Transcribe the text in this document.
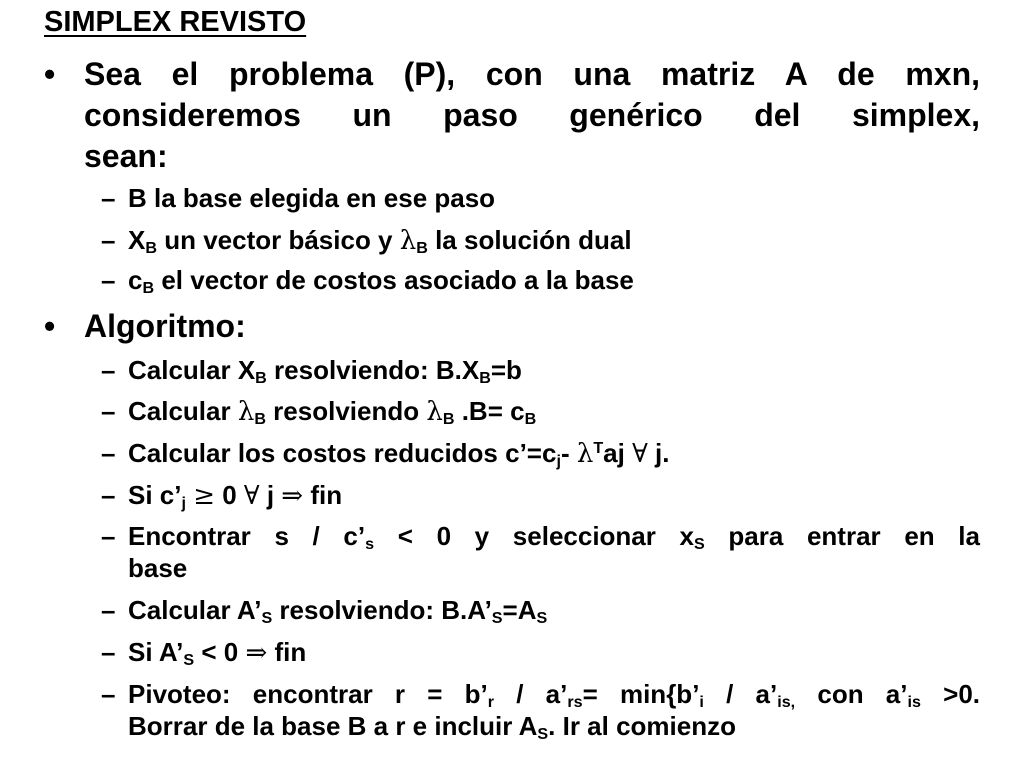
SIMPLEX REVISTO
• Sea el problema (P), con una matriz A de mxn,
consideremos un paso genérico del simplex,
sean:
– B la base elegida en ese paso
– $X_B$ un vector básico y $\lambda_B$ la solución dual
– $c_B$ el vector de costos asociado a la base
• Algoritmo:
– Calcular $X_B$ resolviendo: $B.X_B=b$
– Calcular $\lambda_B$ resolviendo $\lambda_B$ $.B= c_B$
– Calcular los costos reducidos $c’=c_j-$ $\lambda^Taj$ ∀ j.
– Si $c’_j \ge 0$ ∀ j ⇒ fin
– Encontrar $s / c’_s < 0$ y seleccionar $x_S$ para entrar en la
base
– Calcular $A’_S$ resolviendo: $B.A’_S=A_S$
– Si $A’_S < 0$ ⇒ fin
– Pivoteo: encontrar $r = b’_r$ / $a’_{rs}=$ $\min\{b’_i$ / $a’_{is,}$ con $a’_{is} >0$.
Borrar de la base B a r e incluir $A_S$. Ir al comienzo
